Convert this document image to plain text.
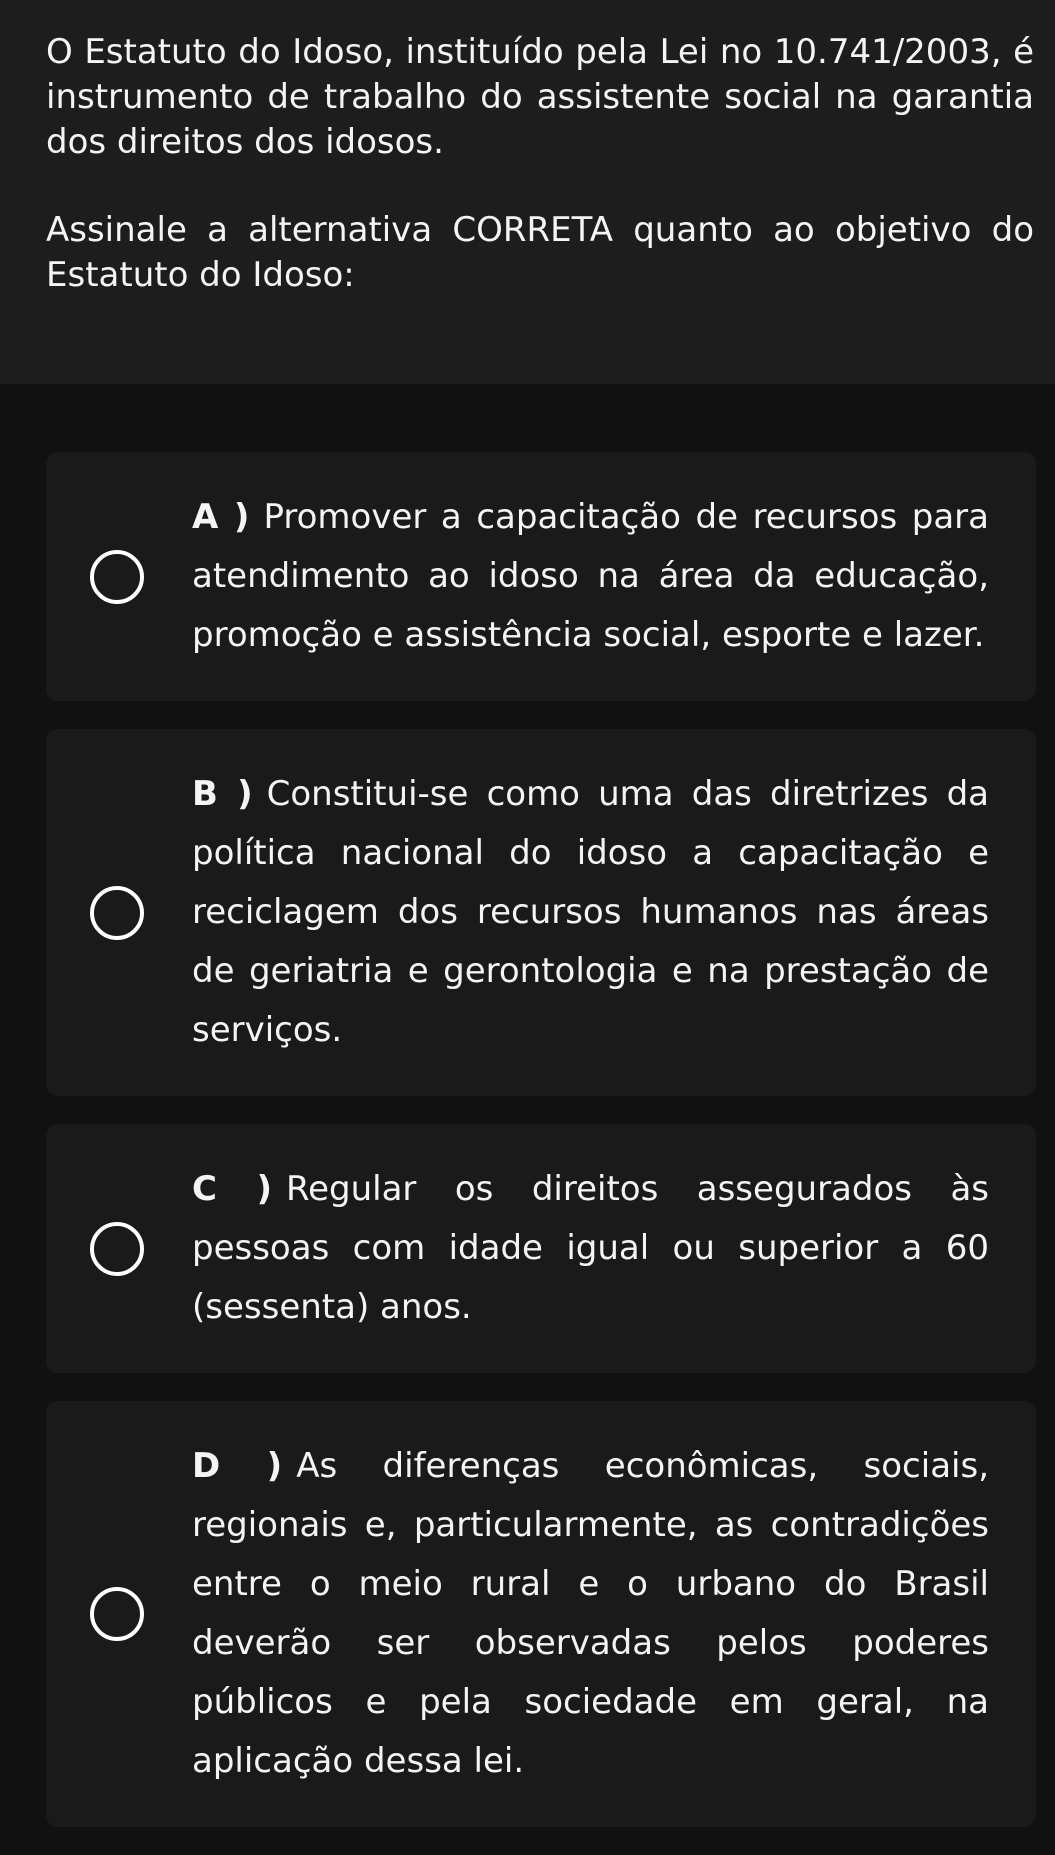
O Estatuto do Idoso, instituído pela Lei no 10.741/2003, é instrumento de trabalho do assistente social na garantia dos direitos dos idosos.

Assinale a alternativa CORRETA quanto ao objetivo do Estatuto do Idoso:

A ) Promover a capacitação de recursos para atendimento ao idoso na área da educação, promoção e assistência social, esporte e lazer.

B ) Constitui-se como uma das diretrizes da política nacional do idoso a capacitação e reciclagem dos recursos humanos nas áreas de geriatria e gerontologia e na prestação de serviços.

C ) Regular os direitos assegurados às pessoas com idade igual ou superior a 60 (sessenta) anos.

D ) As diferenças econômicas, sociais, regionais e, particularmente, as contradições entre o meio rural e o urbano do Brasil deverão ser observadas pelos poderes públicos e pela sociedade em geral, na aplicação dessa lei.
